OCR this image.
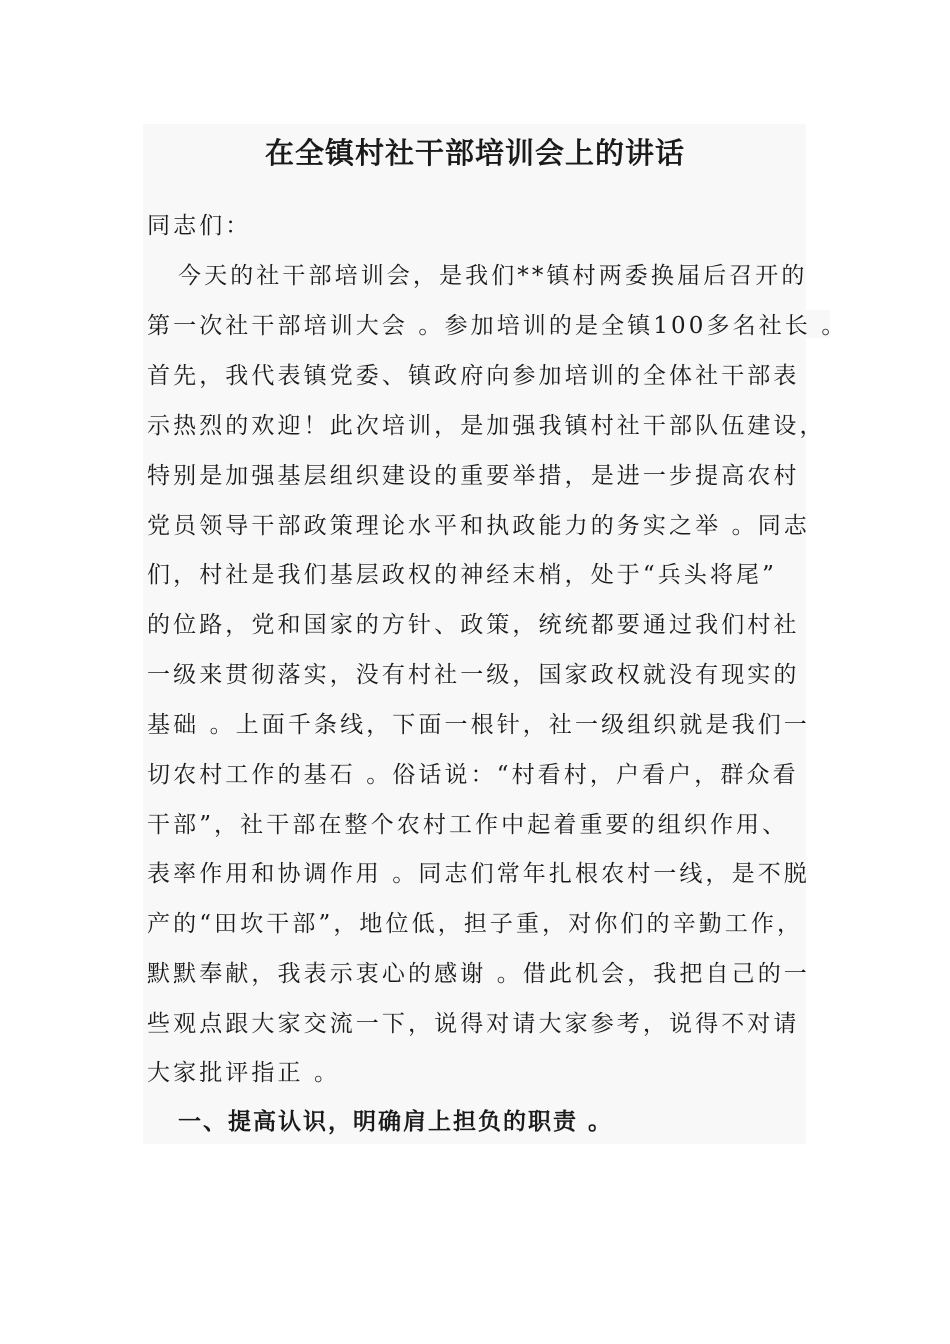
在全镇村社干部培训会上的讲话

同志们：

今天的社干部培训会，是我们**镇村两委换届后召开的

第一次社干部培训大会 。参加培训的是全镇100多名社长 。

首先，我代表镇党委、镇政府向参加培训的全体社干部表

示热烈的欢迎！此次培训，是加强我镇村社干部队伍建设，

特别是加强基层组织建设的重要举措，是进一步提高农村

党员领导干部政策理论水平和执政能力的务实之举 。同志

们，村社是我们基层政权的神经末梢，处于“兵头将尾”

的位路，党和国家的方针、政策，统统都要通过我们村社

一级来贯彻落实，没有村社一级，国家政权就没有现实的

基础 。上面千条线，下面一根针，社一级组织就是我们一

切农村工作的基石 。俗话说：“村看村，户看户，群众看

干部”，社干部在整个农村工作中起着重要的组织作用、

表率作用和协调作用 。同志们常年扎根农村一线，是不脱

产的“田坎干部”，地位低，担子重，对你们的辛勤工作，

默默奉献，我表示衷心的感谢 。借此机会，我把自己的一

些观点跟大家交流一下，说得对请大家参考，说得不对请

大家批评指正 。

一、提高认识，明确肩上担负的职责 。
